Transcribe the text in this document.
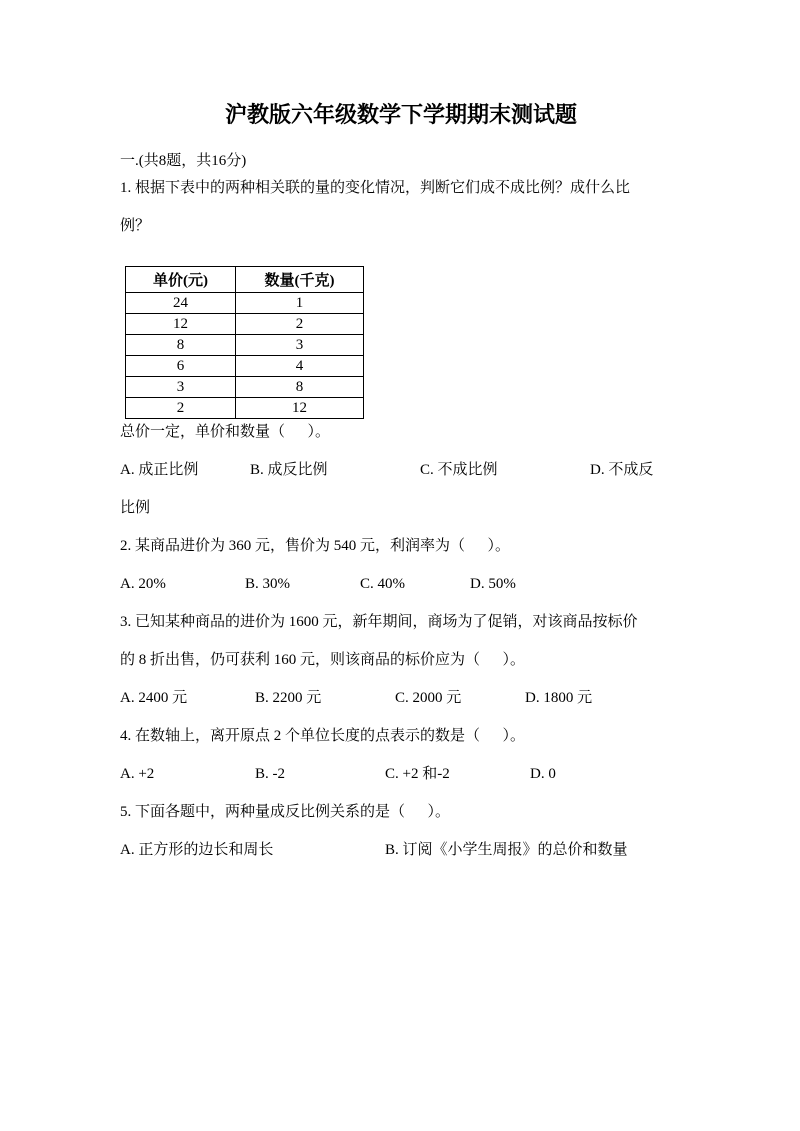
沪教版六年级数学下学期期末测试题

一.(共8题，共16分)

1. 根据下表中的两种相关联的量的变化情况，判断它们成不成比例？成什么比

例？

单价(元)	数量(千克)
24	1
12	2
8	3
6	4
3	8
2	12

总价一定，单价和数量（      ）。

A. 成正比例	B. 成反比例	C. 不成比例	D. 不成反

比例

2. 某商品进价为 360 元，售价为 540 元，利润率为（      ）。

A. 20%	B. 30%	C. 40%	D. 50%

3. 已知某种商品的进价为 1600 元，新年期间，商场为了促销，对该商品按标价

的 8 折出售，仍可获利 160 元，则该商品的标价应为（      ）。

A. 2400 元	B. 2200 元	C. 2000 元	D. 1800 元

4. 在数轴上，离开原点 2 个单位长度的点表示的数是（      ）。

A. +2	B. -2	C. +2 和-2	D. 0

5. 下面各题中，两种量成反比例关系的是（      ）。

A. 正方形的边长和周长	B. 订阅《小学生周报》的总价和数量
